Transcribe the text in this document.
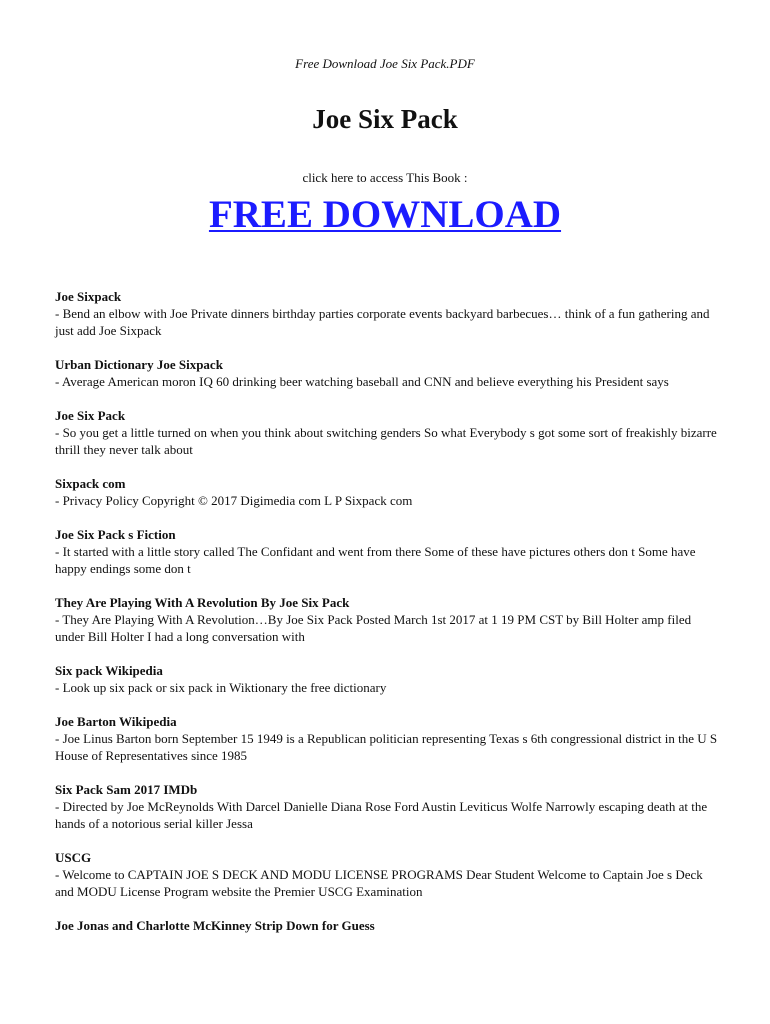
Free Download Joe Six Pack.PDF
Joe Six Pack
click here to access This Book :
FREE DOWNLOAD
Joe Sixpack
- Bend an elbow with Joe Private dinners birthday parties corporate events backyard barbecues… think of a fun gathering and just add Joe Sixpack
Urban Dictionary Joe Sixpack
- Average American moron IQ 60 drinking beer watching baseball and CNN and believe everything his President says
Joe Six Pack
- So you get a little turned on when you think about switching genders So what Everybody s got some sort of freakishly bizarre thrill they never talk about
Sixpack com
- Privacy Policy Copyright © 2017 Digimedia com L P Sixpack com
Joe Six Pack s Fiction
- It started with a little story called The Confidant and went from there Some of these have pictures others don t Some have happy endings some don t
They Are Playing With A Revolution By Joe Six Pack
- They Are Playing With A Revolution…By Joe Six Pack Posted March 1st 2017 at 1 19 PM CST by Bill Holter amp filed under Bill Holter I had a long conversation with
Six pack Wikipedia
- Look up six pack or six pack in Wiktionary the free dictionary
Joe Barton Wikipedia
- Joe Linus Barton born September 15 1949 is a Republican politician representing Texas s 6th congressional district in the U S House of Representatives since 1985
Six Pack Sam 2017 IMDb
- Directed by Joe McReynolds With Darcel Danielle Diana Rose Ford Austin Leviticus Wolfe Narrowly escaping death at the hands of a notorious serial killer Jessa
USCG
- Welcome to CAPTAIN JOE S DECK AND MODU LICENSE PROGRAMS Dear Student Welcome to Captain Joe s Deck and MODU License Program website the Premier USCG Examination
Joe Jonas and Charlotte McKinney Strip Down for Guess
